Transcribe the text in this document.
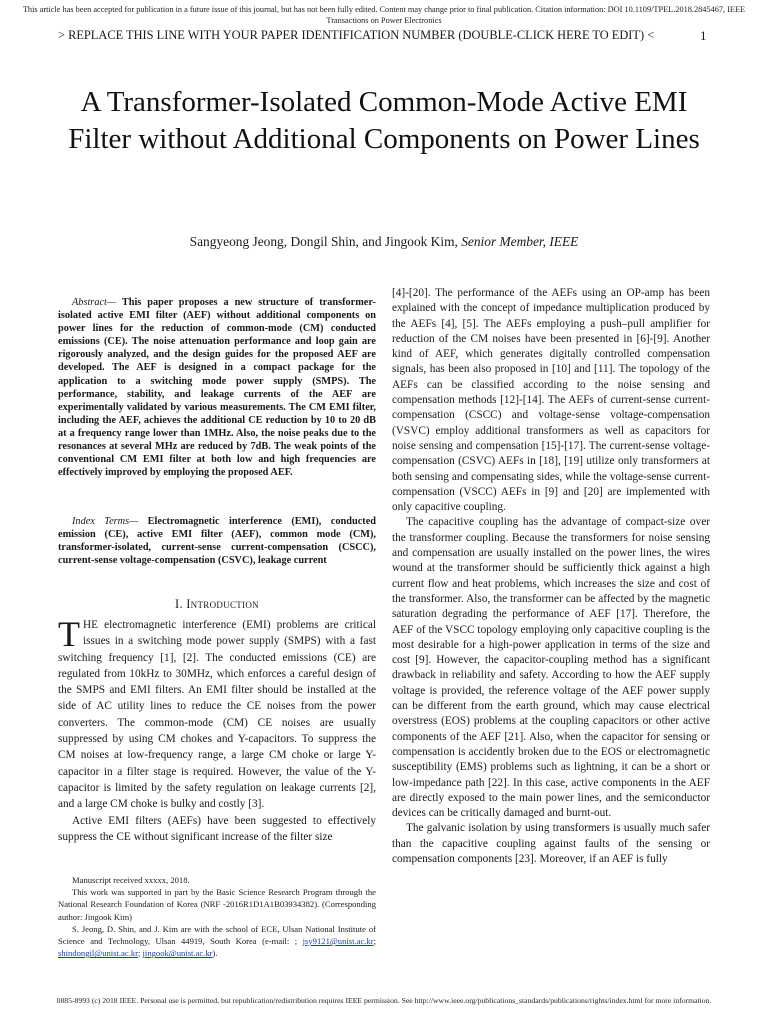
This article has been accepted for publication in a future issue of this journal, but has not been fully edited. Content may change prior to final publication. Citation information: DOI 10.1109/TPEL.2018.2845467, IEEE
Transactions on Power Electronics
> REPLACE THIS LINE WITH YOUR PAPER IDENTIFICATION NUMBER (DOUBLE-CLICK HERE TO EDIT) <	1
A Transformer-Isolated Common-Mode Active EMI Filter without Additional Components on Power Lines
Sangyeong Jeong, Dongil Shin, and Jingook Kim, Senior Member, IEEE
Abstract— This paper proposes a new structure of transformer-isolated active EMI filter (AEF) without additional components on power lines for the reduction of common-mode (CM) conducted emissions (CE). The noise attenuation performance and loop gain are rigorously analyzed, and the design guides for the proposed AEF are developed. The AEF is designed in a compact package for the application to a switching mode power supply (SMPS). The performance, stability, and leakage currents of the AEF are experimentally validated by various measurements. The CM EMI filter, including the AEF, achieves the additional CE reduction by 10 to 20 dB at a frequency range lower than 1MHz. Also, the noise peaks due to the resonances at several MHz are reduced by 7dB. The weak points of the conventional CM EMI filter at both low and high frequencies are effectively improved by employing the proposed AEF.
Index Terms— Electromagnetic interference (EMI), conducted emission (CE), active EMI filter (AEF), common mode (CM), transformer-isolated, current-sense current-compensation (CSCC), current-sense voltage-compensation (CSVC), leakage current
I. Introduction

T HE electromagnetic interference (EMI) problems are critical issues in a switching mode power supply (SMPS) with a fast switching frequency [1], [2]. The conducted emissions (CE) are regulated from 10kHz to 30MHz, which enforces a careful design of the SMPS and EMI filters. An EMI filter should be installed at the side of AC utility lines to reduce the CE noises from the power converters. The common-mode (CM) CE noises are usually suppressed by using CM chokes and Y-capacitors. To suppress the CM noises at low-frequency range, a large CM choke or large Y-capacitor in a filter stage is required. However, the value of the Y-capacitor is limited by the safety regulation on leakage currents [2], and a large CM choke is bulky and costly [3].

Active EMI filters (AEFs) have been suggested to effectively suppress the CE without significant increase of the filter size

Manuscript received xxxxx, 2018.

This work was supported in part by the Basic Science Research Program through the National Research Foundation of Korea (NRF -2016R1D1A1B03934382). (Corresponding author: Jingook Kim)

S. Jeong, D. Shin, and J. Kim are with the school of ECE, Ulsan National Institute of Science and Technology, Ulsan 44919, South Korea (e-mail: ; jsy9121@unist.ac.kr; shindongil@unist.ac.kr; jingook@unist.ac.kr).

[4]-[20]. The performance of the AEFs using an OP-amp has been explained with the concept of impedance multiplication produced by the AEFs [4], [5]. The AEFs employing a push–pull amplifier for reduction of the CM noises have been presented in [6]-[9]. Another kind of AEF, which generates digitally controlled compensation signals, has been also proposed in [10] and [11]. The topology of the AEFs can be classified according to the noise sensing and compensation methods [12]-[14]. The AEFs of current-sense current-compensation (CSCC) and voltage-sense voltage-compensation (VSVC) employ additional transformers as well as capacitors for noise sensing and compensation [15]-[17]. The current-sense voltage-compensation (CSVC) AEFs in [18], [19] utilize only transformers at both sensing and compensating sides, while the voltage-sense current-compensation (VSCC) AEFs in [9] and [20] are implemented with only capacitive coupling.

The capacitive coupling has the advantage of compact-size over the transformer coupling. Because the transformers for noise sensing and compensation are usually installed on the power lines, the wires wound at the transformer should be sufficiently thick against a high current flow and heat problems, which increases the size and cost of the transformer. Also, the transformer can be affected by the magnetic saturation degrading the performance of AEF [17]. Therefore, the AEF of the VSCC topology employing only capacitive coupling is the most desirable for a high-power application in terms of the size and cost [9]. However, the capacitor-coupling method has a significant drawback in reliability and safety. According to how the AEF supply voltage is provided, the reference voltage of the AEF power supply can be different from the earth ground, which may cause electrical overstress (EOS) problems at the coupling capacitors or other active components of the AEF [21]. Also, when the capacitor for sensing or compensation is accidently broken due to the EOS or electromagnetic susceptibility (EMS) problems such as lightning, it can be a short or low-impedance path [22]. In this case, active components in the AEF are directly exposed to the main power lines, and the semiconductor devices can be critically damaged and burnt-out.

The galvanic isolation by using transformers is usually much safer than the capacitive coupling against faults of the sensing or compensation components [23]. Moreover, if an AEF is fully

0885-8993 (c) 2018 IEEE. Personal use is permitted, but republication/redistribution requires IEEE permission. See http://www.ieee.org/publications_standards/publications/rights/index.html for more information.
